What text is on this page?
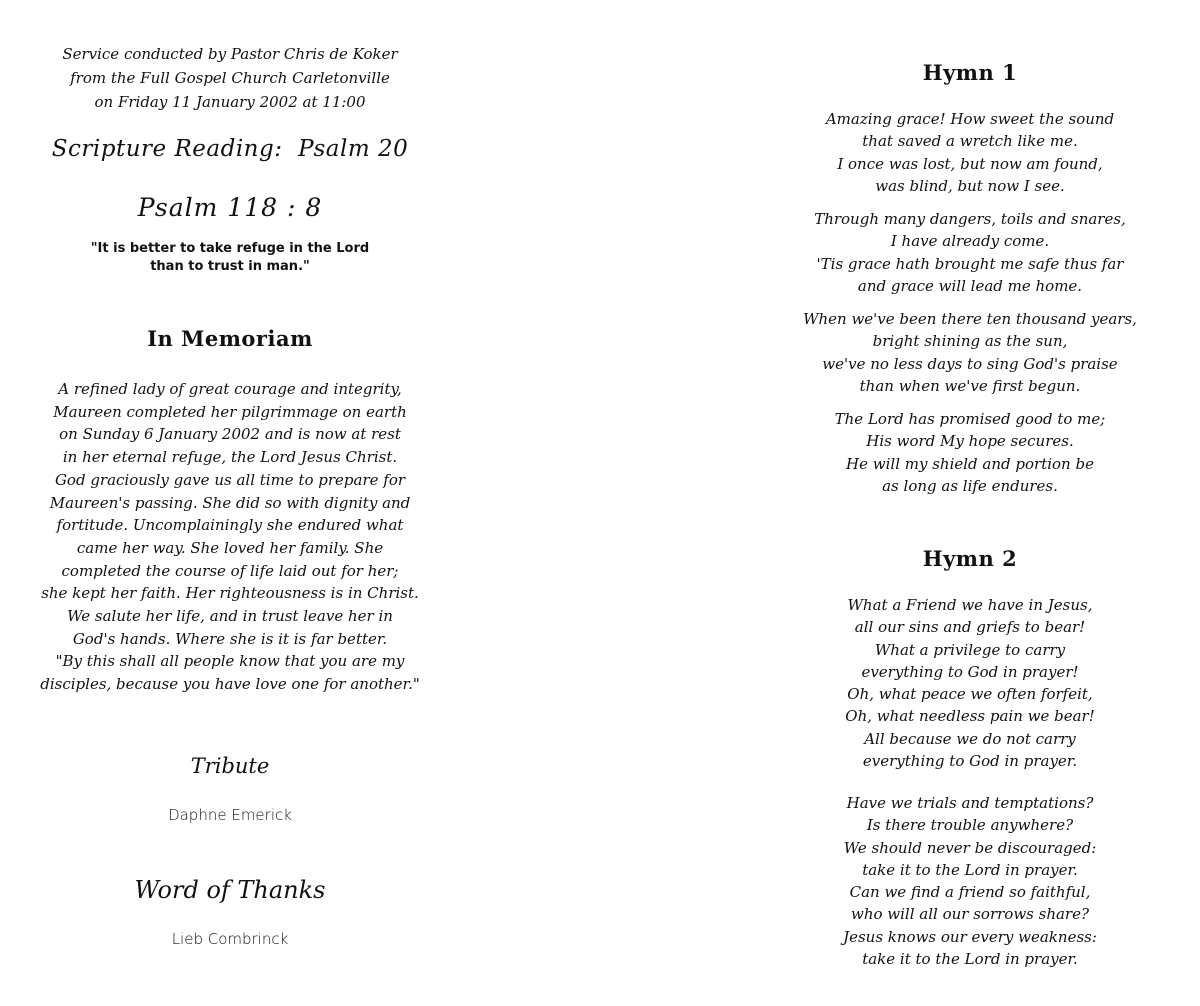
Service conducted by Pastor Chris de Koker
from the Full Gospel Church Carletonville
on Friday 11 January 2002 at 11:00
Scripture Reading:  Psalm 20
Psalm 118 : 8
"It is better to take refuge in the Lord
than to trust in man."
In Memoriam
A refined lady of great courage and integrity,
Maureen completed her pilgrimmage on earth
on Sunday 6 January 2002 and is now at rest
in her eternal refuge, the Lord Jesus Christ.
God graciously gave us all time to prepare for
Maureen's passing. She did so with dignity and
fortitude. Uncomplainingly she endured what
came her way. She loved her family. She
completed the course of life laid out for her;
she kept her faith. Her righteousness is in Christ.
We salute her life, and in trust leave her in
God's hands. Where she is it is far better.
"By this shall all people know that you are my
disciples, because you have love one for another."
Tribute
Daphne Emerick
Word of Thanks
Lieb Combrinck
Hymn 1
Amazing grace! How sweet the sound
that saved a wretch like me.
I once was lost, but now am found,
was blind, but now I see.
Through many dangers, toils and snares,
I have already come.
'Tis grace hath brought me safe thus far
and grace will lead me home.
When we've been there ten thousand years,
bright shining as the sun,
we've no less days to sing God's praise
than when we've first begun.
The Lord has promised good to me;
His word My hope secures.
He will my shield and portion be
as long as life endures.
Hymn 2
What a Friend we have in Jesus,
all our sins and griefs to bear!
What a privilege to carry
everything to God in prayer!
Oh, what peace we often forfeit,
Oh, what needless pain we bear!
All because we do not carry
everything to God in prayer.
Have we trials and temptations?
Is there trouble anywhere?
We should never be discouraged:
take it to the Lord in prayer.
Can we find a friend so faithful,
who will all our sorrows share?
Jesus knows our every weakness:
take it to the Lord in prayer.
